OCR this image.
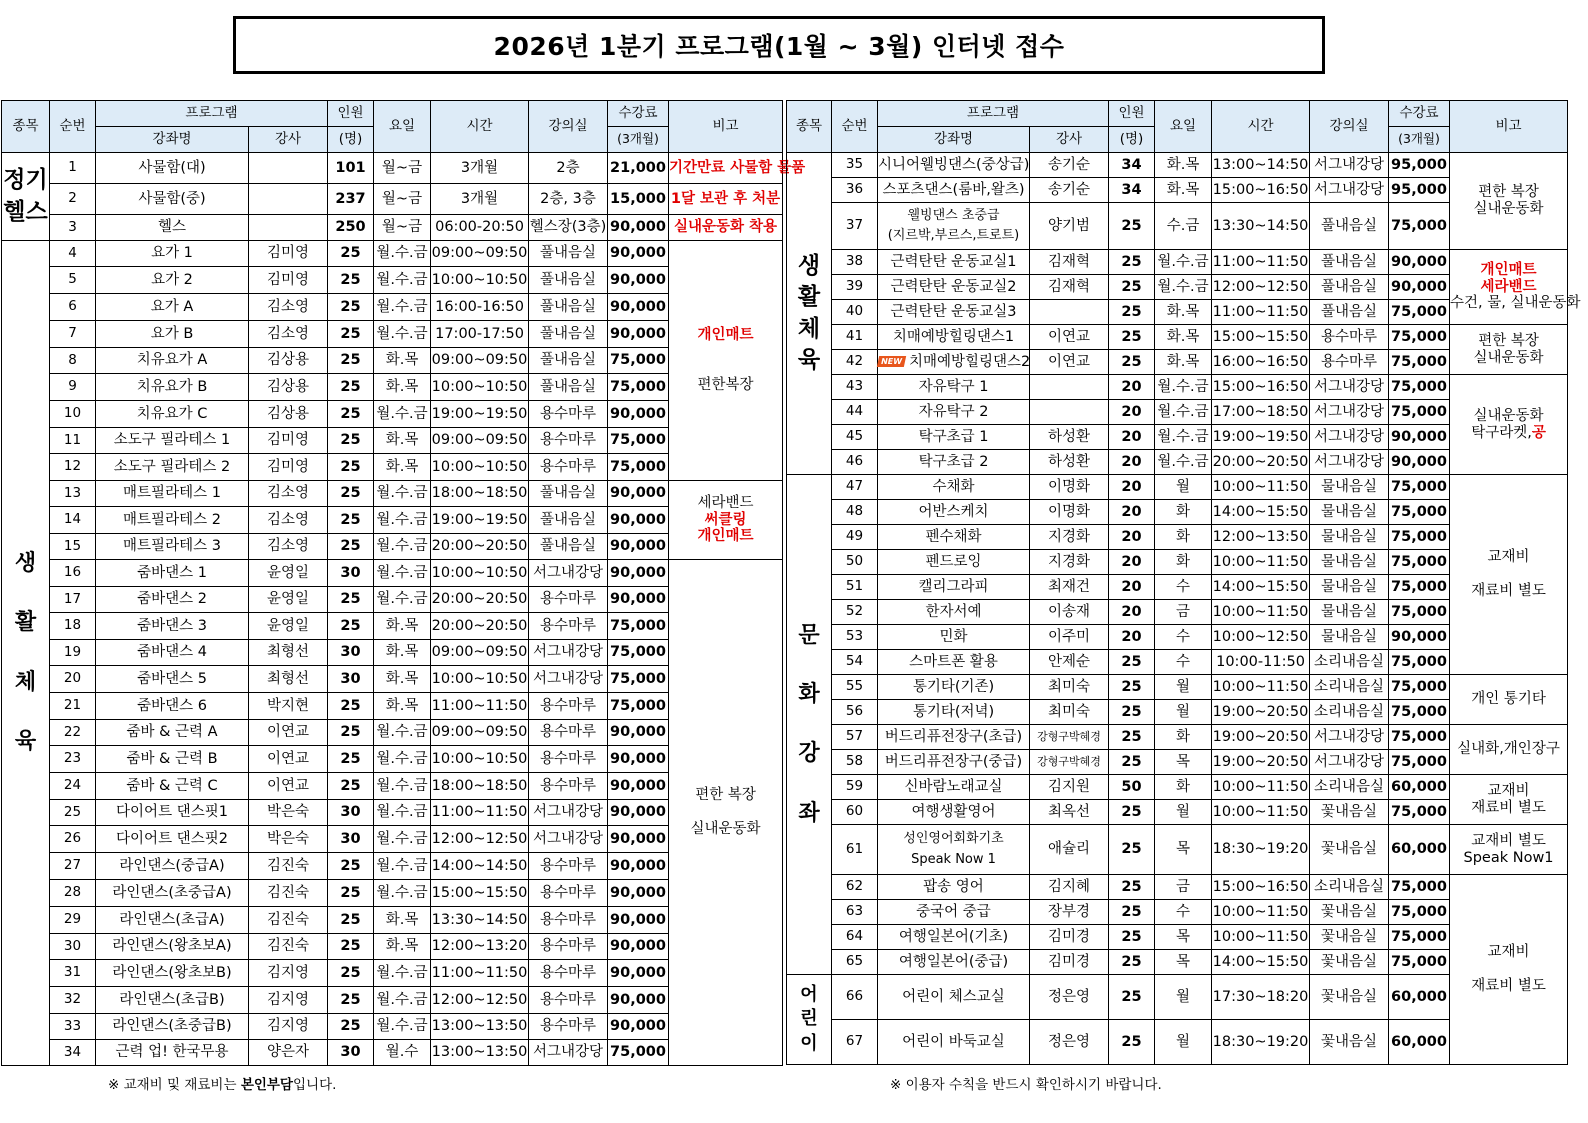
2026년 1분기 프로그램(1월 ~ 3월) 인터넷 접수
종목	순번	프로그램		인원	요일	시간	강의실	수강료	비고
		강좌명	강사	(명)				(3개월)	
정기
헬스	1	사물함(대)		101	월~금	3개월	2층	21,000	기간만료 사물함 물품
	2	사물함(중)		237	월~금	3개월	2층, 3층	15,000	1달 보관 후 처분
	3	헬스		250	월~금	06:00-20:50	헬스장(3층)	90,000	실내운동화 착용
생

활

체

육	4	요가 1	김미영	25	월.수.금	09:00~09:50	풀내음실	90,000	개인매트

편한복장
	5	요가 2	김미영	25	월.수.금	10:00~10:50	풀내음실	90,000	
	6	요가 A	김소영	25	월.수.금	16:00-16:50	풀내음실	90,000	
	7	요가 B	김소영	25	월.수.금	17:00-17:50	풀내음실	90,000	
	8	치유요가 A	김상용	25	화.목	09:00~09:50	풀내음실	75,000	
	9	치유요가 B	김상용	25	화.목	10:00~10:50	풀내음실	75,000	
	10	치유요가 C	김상용	25	월.수.금	19:00~19:50	용수마루	90,000	
	11	소도구 필라테스 1	김미영	25	화.목	09:00~09:50	용수마루	75,000	
	12	소도구 필라테스 2	김미영	25	화.목	10:00~10:50	용수마루	75,000	
	13	매트필라테스 1	김소영	25	월.수.금	18:00~18:50	풀내음실	90,000	세라밴드
써클링
개인매트
	14	매트필라테스 2	김소영	25	월.수.금	19:00~19:50	풀내음실	90,000	
	15	매트필라테스 3	김소영	25	월.수.금	20:00~20:50	풀내음실	90,000	
	16	줌바댄스 1	윤영일	30	월.수.금	10:00~10:50	서그내강당	90,000	편한 복장

실내운동화
	17	줌바댄스 2	윤영일	25	월.수.금	20:00~20:50	용수마루	90,000	
	18	줌바댄스 3	윤영일	25	화.목	20:00~20:50	용수마루	75,000	
	19	줌바댄스 4	최형선	30	화.목	09:00~09:50	서그내강당	75,000	
	20	줌바댄스 5	최형선	30	화.목	10:00~10:50	서그내강당	75,000	
	21	줌바댄스 6	박지현	25	화.목	11:00~11:50	용수마루	75,000	
	22	줌바 & 근력 A	이연교	25	월.수.금	09:00~09:50	용수마루	90,000	
	23	줌바 & 근력 B	이연교	25	월.수.금	10:00~10:50	용수마루	90,000	
	24	줌바 & 근력 C	이연교	25	월.수.금	18:00~18:50	용수마루	90,000	
	25	다이어트 댄스핏1	박은숙	30	월.수.금	11:00~11:50	서그내강당	90,000	
	26	다이어트 댄스핏2	박은숙	30	월.수.금	12:00~12:50	서그내강당	90,000	
	27	라인댄스(중급A)	김진숙	25	월.수.금	14:00~14:50	용수마루	90,000	
	28	라인댄스(초중급A)	김진숙	25	월.수.금	15:00~15:50	용수마루	90,000	
	29	라인댄스(초급A)	김진숙	25	화.목	13:30~14:50	용수마루	90,000	
	30	라인댄스(왕초보A)	김진숙	25	화.목	12:00~13:20	용수마루	90,000	
	31	라인댄스(왕초보B)	김지영	25	월.수.금	11:00~11:50	용수마루	90,000	
	32	라인댄스(초급B)	김지영	25	월.수.금	12:00~12:50	용수마루	90,000	
	33	라인댄스(초중급B)	김지영	25	월.수.금	13:00~13:50	용수마루	90,000	
	34	근력 업! 한국무용	양은자	30	월.수	13:00~13:50	서그내강당	75,000	
종목	순번	프로그램		인원	요일	시간	강의실	수강료	비고
		강좌명	강사	(명)				(3개월)	
생
활
체
육	35	시니어웰빙댄스(중상급)	송기순	34	화.목	13:00~14:50	서그내강당	95,000	편한 복장
실내운동화
	36	스포츠댄스(룸바,왈츠)	송기순	34	화.목	15:00~16:50	서그내강당	95,000	
	37	웰빙댄스 초중급
(지르박,부르스,트로트)	양기범	25	수.금	13:30~14:50	풀내음실	75,000	
	38	근력탄탄 운동교실1	김재혁	25	월.수.금	11:00~11:50	풀내음실	90,000	개인매트
세라밴드
수건, 물, 실내운동화
	39	근력탄탄 운동교실2	김재혁	25	월.수.금	12:00~12:50	풀내음실	90,000	
	40	근력탄탄 운동교실3		25	화.목	11:00~11:50	풀내음실	75,000	
	41	치매예방힐링댄스1	이연교	25	화.목	15:00~15:50	용수마루	75,000	편한 복장
실내운동화
	42	NEW 치매예방힐링댄스2	이연교	25	화.목	16:00~16:50	용수마루	75,000	
	43	자유탁구 1		20	월.수.금	15:00~16:50	서그내강당	75,000	실내운동화
탁구라켓,공
	44	자유탁구 2		20	월.수.금	17:00~18:50	서그내강당	75,000	
	45	탁구초급 1	하성환	20	월.수.금	19:00~19:50	서그내강당	90,000	
	46	탁구초급 2	하성환	20	월.수.금	20:00~20:50	서그내강당	90,000	
문

화

강

좌	47	수채화	이명화	20	월	10:00~11:50	물내음실	75,000	교재비

재료비 별도
	48	어반스케치	이명화	20	화	14:00~15:50	물내음실	75,000	
	49	펜수채화	지경화	20	화	12:00~13:50	물내음실	75,000	
	50	펜드로잉	지경화	20	화	10:00~11:50	물내음실	75,000	
	51	캘리그라피	최재건	20	수	14:00~15:50	물내음실	75,000	
	52	한자서예	이송재	20	금	10:00~11:50	물내음실	75,000	
	53	민화	이주미	20	수	10:00~12:50	물내음실	90,000	
	54	스마트폰 활용	안제순	25	수	10:00-11:50	소리내음실	75,000	
	55	통기타(기존)	최미숙	25	월	10:00~11:50	소리내음실	75,000	개인 통기타
	56	통기타(저녁)	최미숙	25	월	19:00~20:50	소리내음실	75,000	
	57	버드리퓨전장구(초급)	강형구박혜경	25	화	19:00~20:50	서그내강당	75,000	실내화,개인장구
	58	버드리퓨전장구(중급)	강형구박혜경	25	목	19:00~20:50	서그내강당	75,000	
	59	신바람노래교실	김지원	50	화	10:00~11:50	소리내음실	60,000	교재비
재료비 별도
	60	여행생활영어	최옥선	25	월	10:00~11:50	꽃내음실	75,000	
	61	성인영어회화기초
Speak Now 1	애슐리	25	목	18:30~19:20	꽃내음실	60,000	교재비 별도
Speak Now1
	62	팝송 영어	김지혜	25	금	15:00~16:50	소리내음실	75,000	교재비

재료비 별도
	63	중국어 중급	장부경	25	수	10:00~11:50	꽃내음실	75,000	
	64	여행일본어(기초)	김미경	25	목	10:00~11:50	꽃내음실	75,000	
	65	여행일본어(중급)	김미경	25	목	14:00~15:50	꽃내음실	75,000	
어
린
이	66	어린이 체스교실	정은영	25	월	17:30~18:20	꽃내음실	60,000	
	67	어린이 바둑교실	정은영	25	월	18:30~19:20	꽃내음실	60,000	
※ 교재비 및 재료비는 본인부담입니다.	※ 이용자 수칙을 반드시 확인하시기 바랍니다.
